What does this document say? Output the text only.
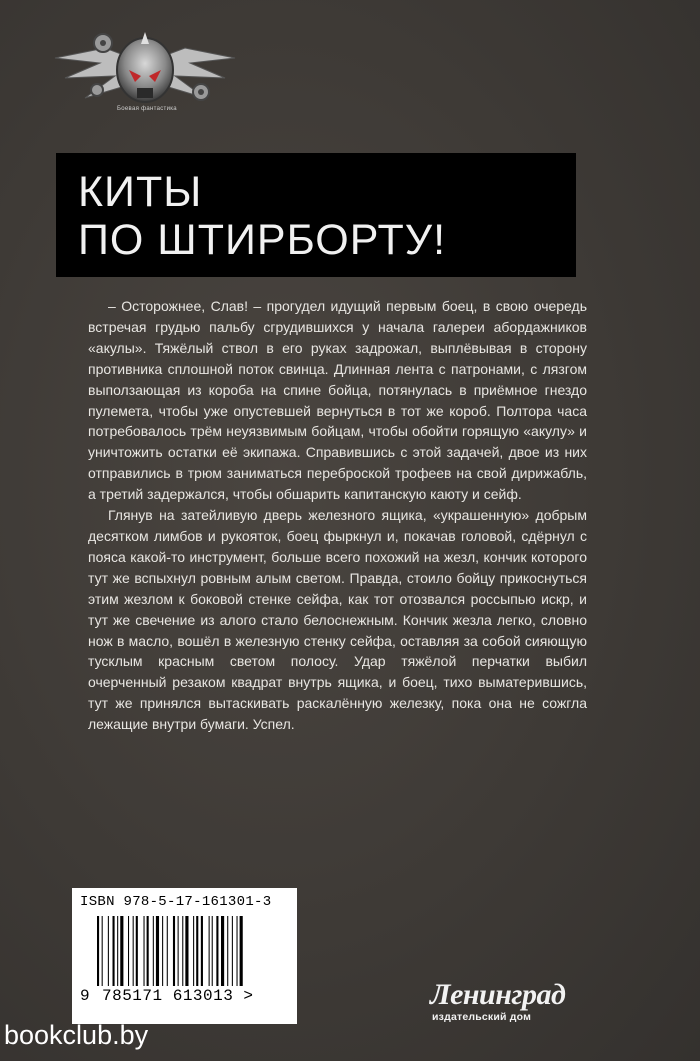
Боевая фантастика
КИТЫ
ПО ШТИРБОРТУ!

– Осторожнее, Слав! – прогудел идущий первым боец, в свою очередь встречая грудью пальбу сгрудившихся у начала галереи абордажников «акулы». Тяжёлый ствол в его руках задрожал, выплёвывая в сторону противника сплошной поток свинца. Длинная лента с патронами, с лязгом выползающая из короба на спине бойца, потянулась в приёмное гнездо пулемета, чтобы уже опустевшей вернуться в тот же короб. Полтора часа потребовалось трём неуязвимым бойцам, чтобы обойти горящую «акулу» и уничтожить остатки её экипажа. Справившись с этой задачей, двое из них отправились в трюм заниматься переброской трофеев на свой дирижабль, а третий задержался, чтобы обшарить капитанскую каюту и сейф.

Глянув на затейливую дверь железного ящика, «украшенную» добрым десятком лимбов и рукояток, боец фыркнул и, покачав головой, сдёрнул с пояса какой-то инструмент, больше всего похожий на жезл, кончик которого тут же вспыхнул ровным алым светом. Правда, стоило бойцу прикоснуться этим жезлом к боковой стенке сейфа, как тот отозвался россыпью искр, и тут же свечение из алого стало белоснежным. Кончик жезла легко, словно нож в масло, вошёл в железную стенку сейфа, оставляя за собой сияющую тусклым красным светом полосу. Удар тяжёлой перчатки выбил очерченный резаком квадрат внутрь ящика, и боец, тихо выматерившись, тут же принялся вытаскивать раскалённую железку, пока она не сожгла лежащие внутри бумаги. Успел.

ISBN 978-5-17-161301-3
9 785171 613013 >	Ленинград
издательский дом
bookclub.by
